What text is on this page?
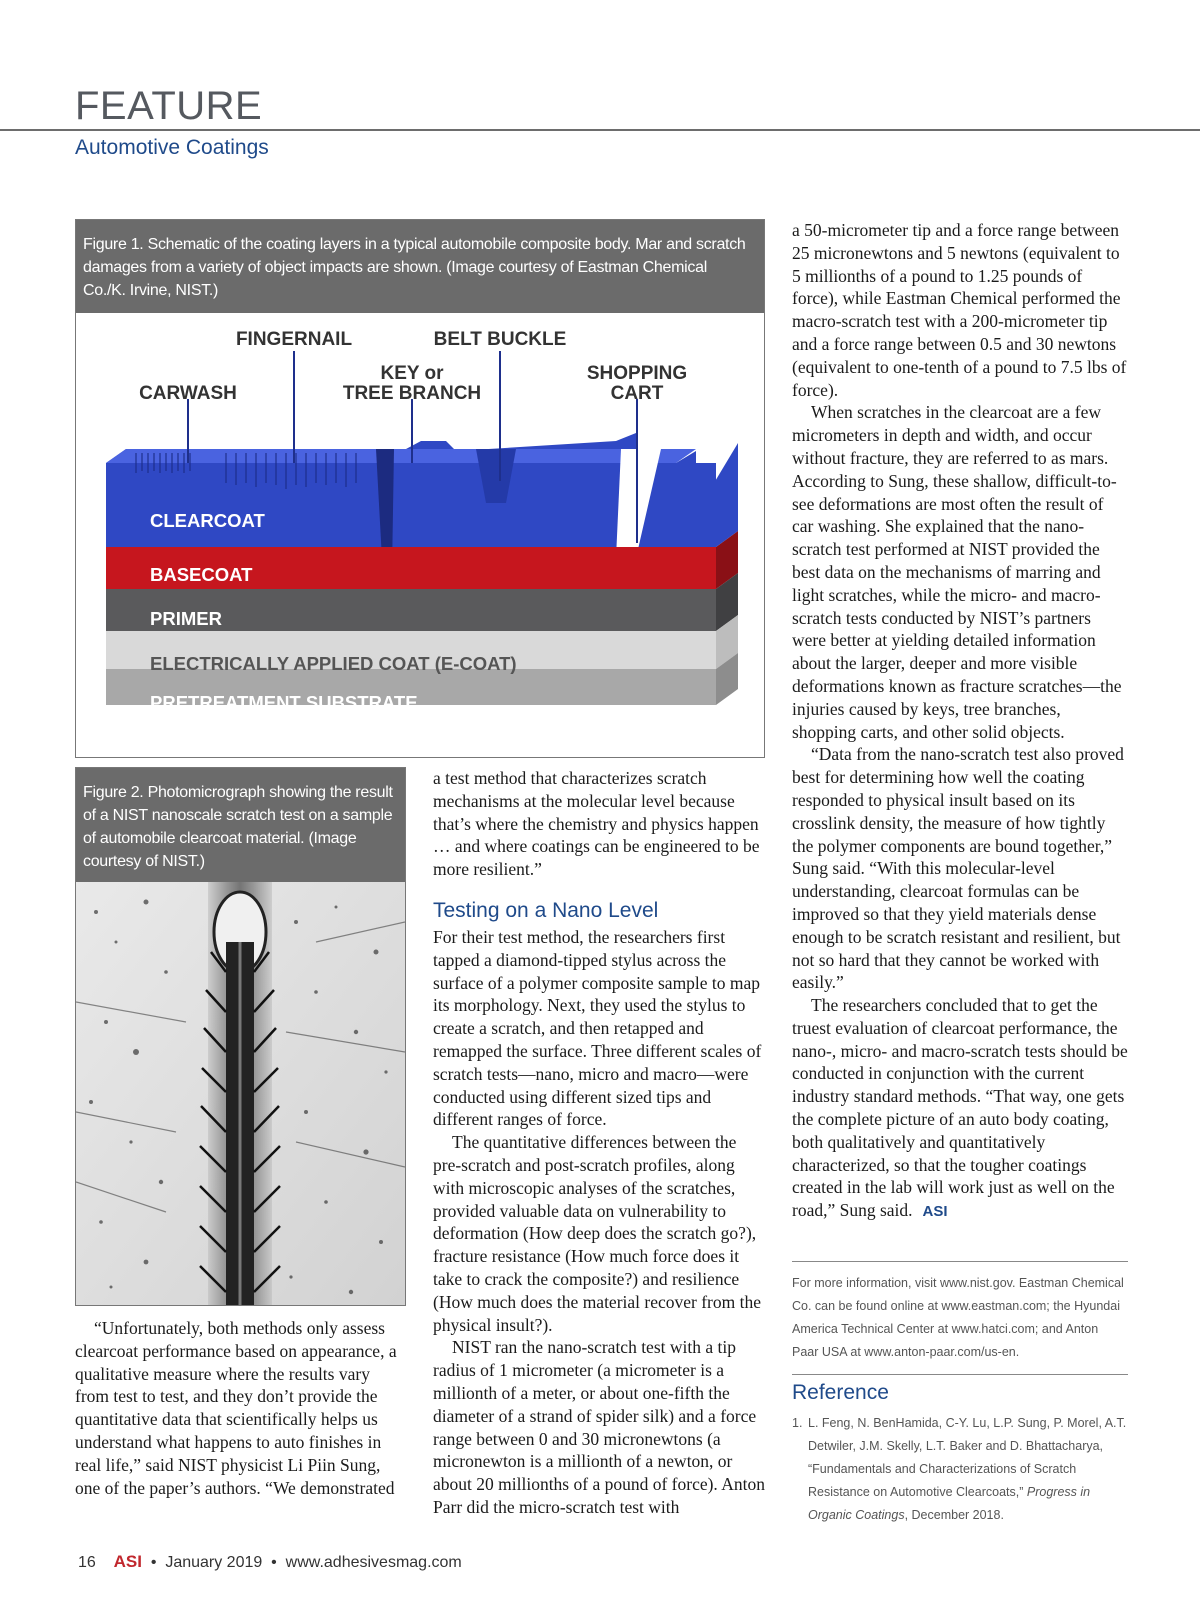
FEATURE
Automotive Coatings
Figure 1. Schematic of the coating layers in a typical automobile composite body. Mar and scratch damages from a variety of object impacts are shown. (Image courtesy of Eastman Chemical Co./K. Irvine, NIST.)
FINGERNAIL	BELT BUCKLE
KEY or
TREE BRANCH
SHOPPING
CART
CARWASH
CLEARCOAT
BASECOAT
PRIMER
ELECTRICALLY APPLIED COAT (E-COAT)
PRETREATMENT SUBSTRATE
Figure 2. Photomicrograph showing the result of a NIST nanoscale scratch test on a sample of automobile clearcoat material. (Image courtesy of NIST.)

“Unfortunately, both methods only assess clearcoat performance based on appearance, a qualitative measure where the results vary from test to test, and they don’t provide the quantitative data that scientifically helps us understand what happens to auto finishes in real life,” said NIST physicist Li Piin Sung, one of the paper’s authors. “We demonstrated

a test method that characterizes scratch mechanisms at the molecular level because that’s where the chemistry and physics happen … and where coatings can be engineered to be more resilient.”

Testing on a Nano Level

For their test method, the researchers first tapped a diamond-tipped stylus across the surface of a polymer composite sample to map its morphology. Next, they used the stylus to create a scratch, and then retapped and remapped the surface. Three different scales of scratch tests—nano, micro and macro—were conducted using different sized tips and different ranges of force.

The quantitative differences between the pre-scratch and post-scratch profiles, along with microscopic analyses of the scratches, provided valuable data on vulnerability to deformation (How deep does the scratch go?), fracture resistance (How much force does it take to crack the composite?) and resilience (How much does the material recover from the physical insult?).

NIST ran the nano-scratch test with a tip radius of 1 micrometer (a micrometer is a millionth of a meter, or about one-fifth the diameter of a strand of spider silk) and a force range between 0 and 30 micronewtons (a micronewton is a millionth of a newton, or about 20 millionths of a pound of force). Anton Parr did the micro-scratch test with

a 50-micrometer tip and a force range between 25 micronewtons and 5 newtons (equivalent to 5 millionths of a pound to 1.25 pounds of force), while Eastman Chemical performed the macro-scratch test with a 200-micrometer tip and a force range between 0.5 and 30 newtons (equivalent to one-tenth of a pound to 7.5 lbs of force).

When scratches in the clearcoat are a few micrometers in depth and width, and occur without fracture, they are referred to as mars. According to Sung, these shallow, difficult-to-see deformations are most often the result of car washing. She explained that the nano-scratch test performed at NIST provided the best data on the mechanisms of marring and light scratches, while the micro- and macro-scratch tests conducted by NIST’s partners were better at yielding detailed information about the larger, deeper and more visible deformations known as fracture scratches—the injuries caused by keys, tree branches, shopping carts, and other solid objects.

“Data from the nano-scratch test also proved best for determining how well the coating responded to physical insult based on its crosslink density, the measure of how tightly the polymer components are bound together,” Sung said. “With this molecular-level understanding, clearcoat formulas can be improved so that they yield materials dense enough to be scratch resistant and resilient, but not so hard that they cannot be worked with easily.”

The researchers concluded that to get the truest evaluation of clearcoat performance, the nano-, micro- and macro-scratch tests should be conducted in conjunction with the current industry standard methods. “That way, one gets the complete picture of an auto body coating, both qualitatively and quantitatively characterized, so that the tougher coatings created in the lab will work just as well on the road,” Sung said. ASI

For more information, visit www.nist.gov. Eastman Chemical Co. can be found online at www.eastman.com; the Hyundai America Technical Center at www.hatci.com; and Anton Paar USA at www.anton-paar.com/us-en.
Reference
1. L. Feng, N. BenHamida, C-Y. Lu, L.P. Sung, P. Morel, A.T. Detwiler, J.M. Skelly, L.T. Baker and D. Bhattacharya, “Fundamentals and Characterizations of Scratch Resistance on Automotive Clearcoats,” Progress in Organic Coatings, December 2018.
16 ASI • January 2019 • www.adhesivesmag.com
